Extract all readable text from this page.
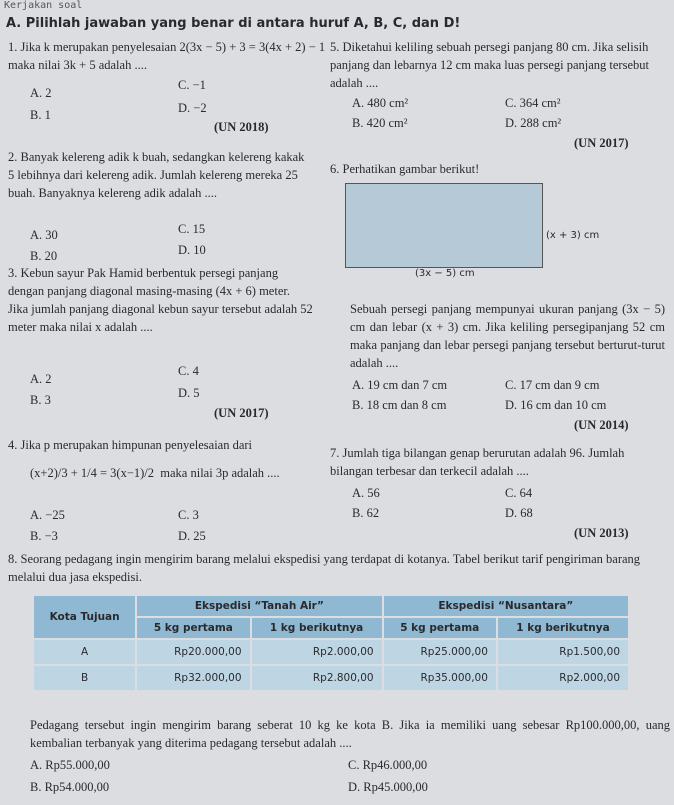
Kerjakan soal
A. Pilihlah jawaban yang benar di antara huruf A, B, C, dan D!
1. Jika k merupakan penyelesaian 2(3x − 5) + 3 = 3(4x + 2) − 1 maka nilai 3k + 5 adalah ....
A. 2
B. 1
C. −1
D. −2
(UN 2018)
2. Banyak kelereng adik k buah, sedangkan kelereng kakak 5 lebihnya dari kelereng adik. Jumlah kelereng mereka 25 buah. Banyaknya kelereng adik adalah ....
A. 30
B. 20
C. 15
D. 10
3. Kebun sayur Pak Hamid berbentuk persegi panjang dengan panjang diagonal masing-masing (4x + 6) meter. Jika jumlah panjang diagonal kebun sayur tersebut adalah 52 meter maka nilai x adalah ....
A. 2
B. 3
C. 4
D. 5
(UN 2017)
4. Jika p merupakan himpunan penyelesaian dari
(x+2)/3 + 1/4 = 3(x−1)/2 maka nilai 3p adalah ....
A. −25
B. −3
C. 3
D. 25
5. Diketahui keliling sebuah persegi panjang 80 cm. Jika selisih panjang dan lebarnya 12 cm maka luas persegi panjang tersebut adalah ....
A. 480 cm²
B. 420 cm²
C. 364 cm²
D. 288 cm²
(UN 2017)
6. Perhatikan gambar berikut!
(x + 3) cm
(3x − 5) cm
Sebuah persegi panjang mempunyai ukuran panjang (3x − 5) cm dan lebar (x + 3) cm. Jika keliling persegipanjang 52 cm maka panjang dan lebar persegi panjang tersebut berturut-turut adalah ....
A. 19 cm dan 7 cm
B. 18 cm dan 8 cm
C. 17 cm dan 9 cm
D. 16 cm dan 10 cm
(UN 2014)
7. Jumlah tiga bilangan genap berurutan adalah 96. Jumlah bilangan terbesar dan terkecil adalah ....
A. 56
B. 62
C. 64
D. 68
(UN 2013)
8. Seorang pedagang ingin mengirim barang melalui ekspedisi yang terdapat di kotanya. Tabel berikut tarif pengiriman barang melalui dua jasa ekspedisi.
Kota Tujuan	Ekspedisi “Tanah Air”		Ekspedisi “Nusantara”	
	5 kg pertama	1 kg berikutnya	5 kg pertama	1 kg berikutnya
A	Rp20.000,00	Rp2.000,00	Rp25.000,00	Rp1.500,00
B	Rp32.000,00	Rp2.800,00	Rp35.000,00	Rp2.000,00
Pedagang tersebut ingin mengirim barang seberat 10 kg ke kota B. Jika ia memiliki uang sebesar Rp100.000,00, uang kembalian terbanyak yang diterima pedagang tersebut adalah ....
A. Rp55.000,00
B. Rp54.000,00
C. Rp46.000,00
D. Rp45.000,00
